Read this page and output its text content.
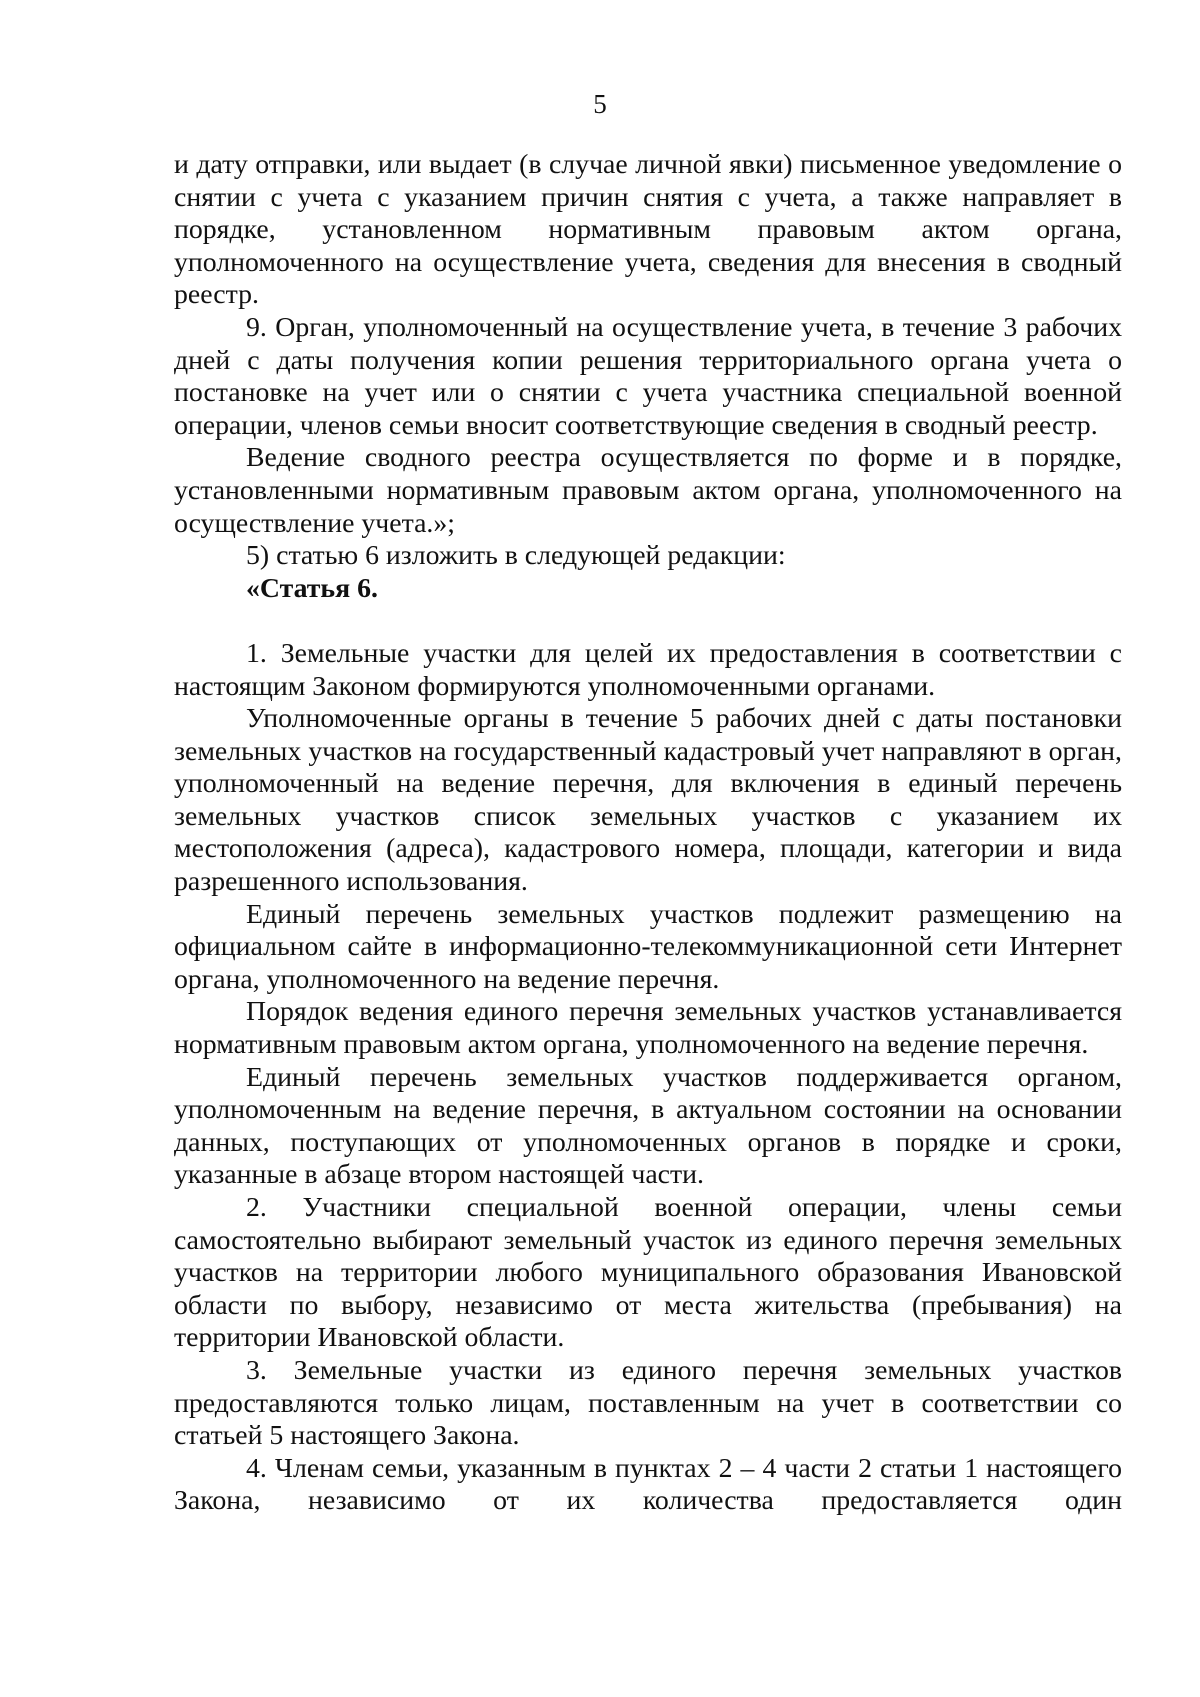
5

и дату отправки, или выдает (в случае личной явки) письменное уведомление о снятии с учета с указанием причин снятия с учета, а также направляет в порядке, установленном нормативным правовым актом органа, уполномоченного на осуществление учета, сведения для внесения в сводный реестр.

9. Орган, уполномоченный на осуществление учета, в течение 3 рабочих дней с даты получения копии решения территориального органа учета о постановке на учет или о снятии с учета участника специальной военной операции, членов семьи вносит соответствующие сведения в сводный реестр.

Ведение сводного реестра осуществляется по форме и в порядке, установленными нормативным правовым актом органа, уполномоченного на осуществление учета.»;

5) статью 6 изложить в следующей редакции:

«Статья 6.

1. Земельные участки для целей их предоставления в соответствии с настоящим Законом формируются уполномоченными органами.

Уполномоченные органы в течение 5 рабочих дней с даты постановки земельных участков на государственный кадастровый учет направляют в орган, уполномоченный на ведение перечня, для включения в единый перечень земельных участков список земельных участков с указанием их местоположения (адреса), кадастрового номера, площади, категории и вида разрешенного использования.

Единый перечень земельных участков подлежит размещению на официальном сайте в информационно-телекоммуникационной сети Интернет органа, уполномоченного на ведение перечня.

Порядок ведения единого перечня земельных участков устанавливается нормативным правовым актом органа, уполномоченного на ведение перечня.

Единый перечень земельных участков поддерживается органом, уполномоченным на ведение перечня, в актуальном состоянии на основании данных, поступающих от уполномоченных органов в порядке и сроки, указанные в абзаце втором настоящей части.

2. Участники специальной военной операции, члены семьи самостоятельно выбирают земельный участок из единого перечня земельных участков на территории любого муниципального образования Ивановской области по выбору, независимо от места жительства (пребывания) на территории Ивановской области.

3. Земельные участки из единого перечня земельных участков предоставляются только лицам, поставленным на учет в соответствии со статьей 5 настоящего Закона.

4. Членам семьи, указанным в пунктах 2 – 4 части 2 статьи 1 настоящего Закона, независимо от их количества предоставляется один
